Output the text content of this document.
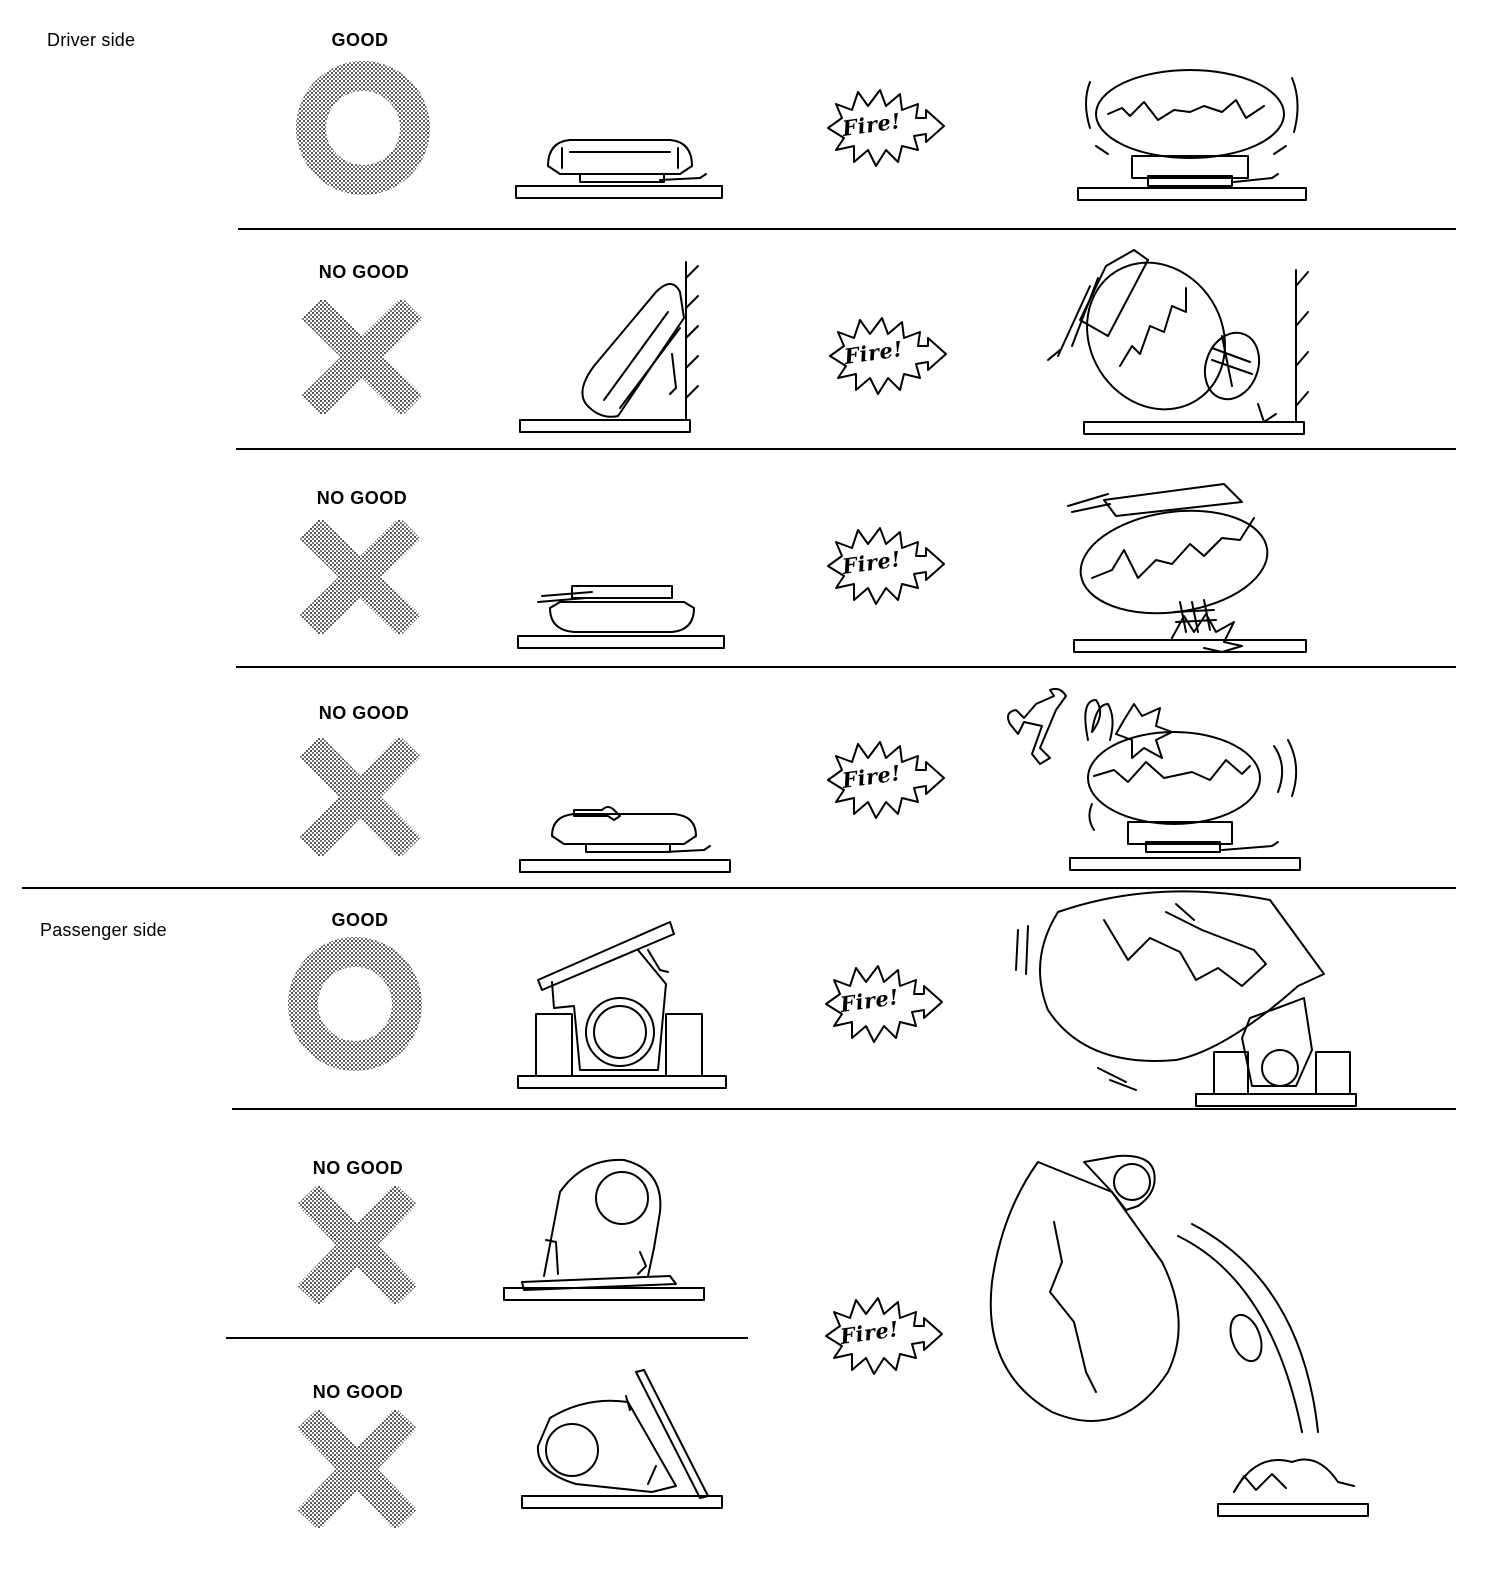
Driver side
Passenger side
GOOD
NO GOOD
NO GOOD
NO GOOD
GOOD
NO GOOD
NO GOOD
Fire!
Fire!
Fire!
Fire!
Fire!
Fire!
